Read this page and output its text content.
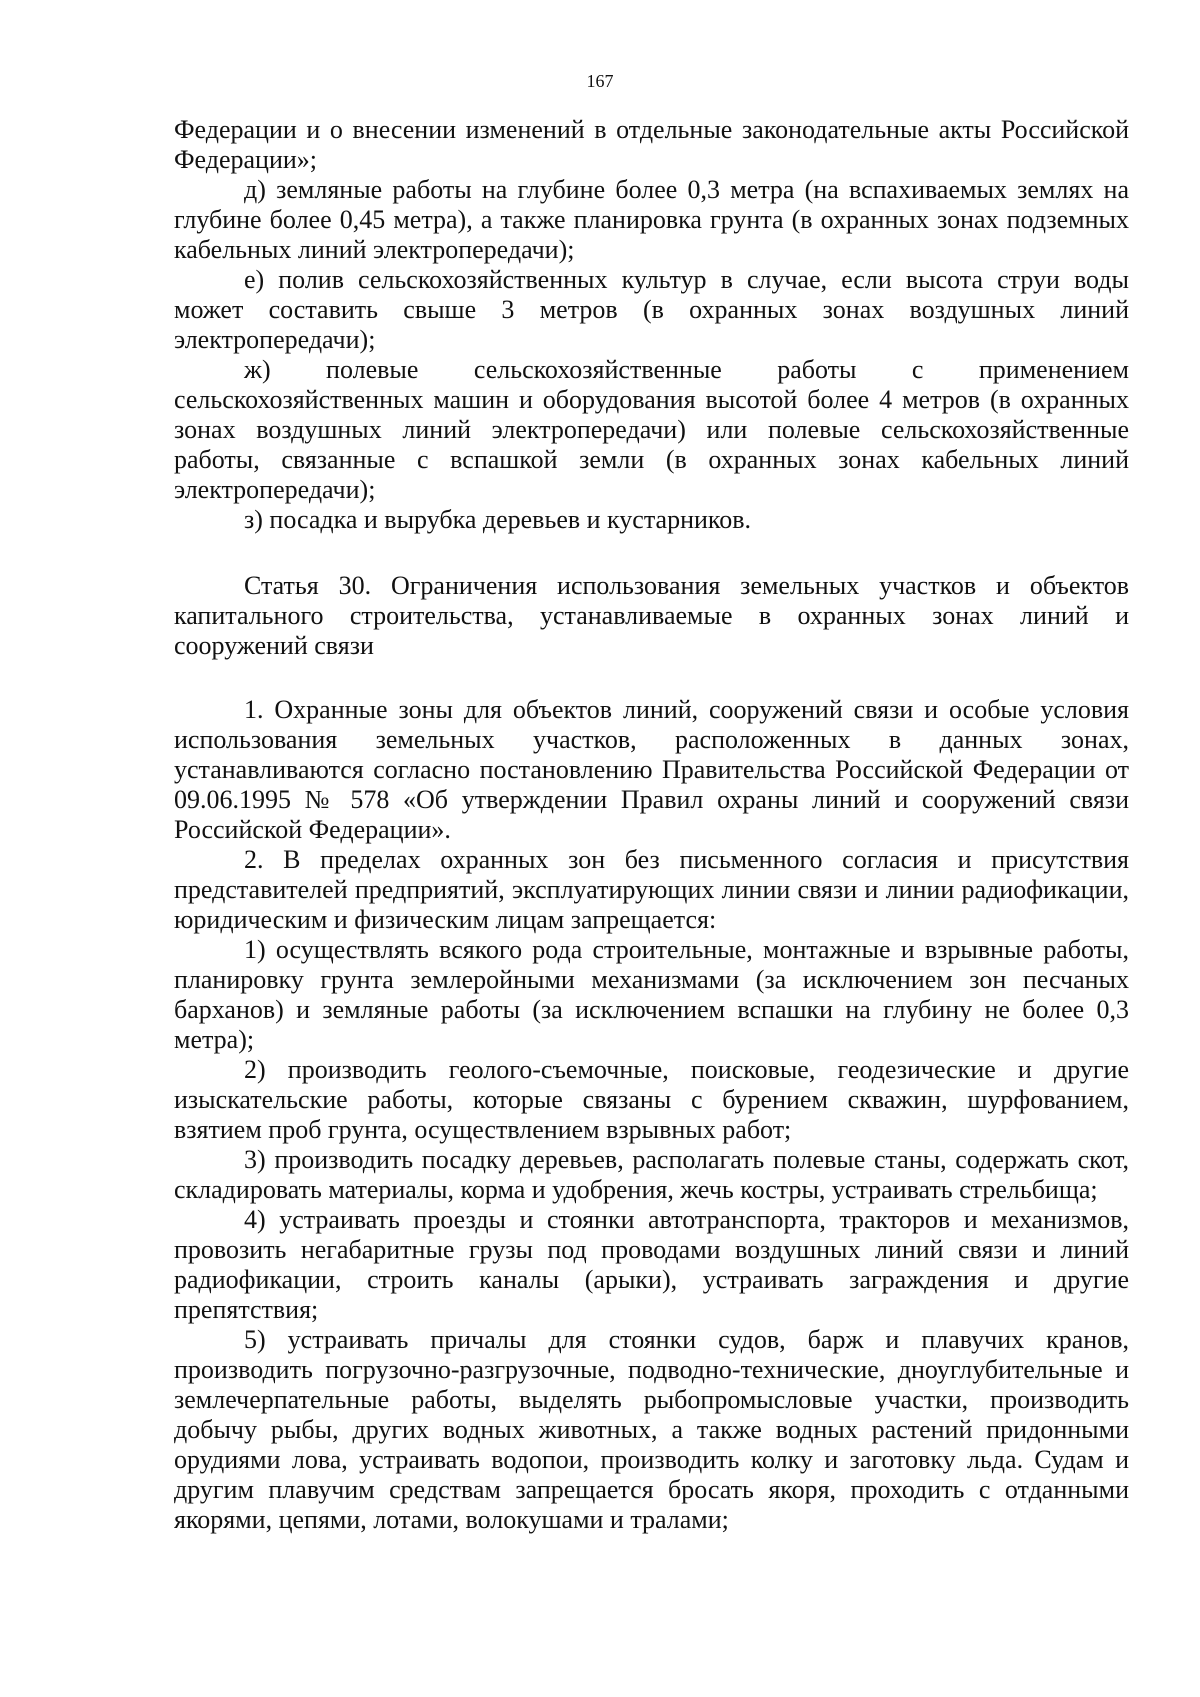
167

Федерации и о внесении изменений в отдельные законодательные акты Российской Федерации»;

д) земляные работы на глубине более 0,3 метра (на вспахиваемых землях на глубине более 0,45 метра), а также планировка грунта (в охранных зонах подземных кабельных линий электропередачи);

е) полив сельскохозяйственных культур в случае, если высота струи воды может составить свыше 3 метров (в охранных зонах воздушных линий электропередачи);

ж) полевые сельскохозяйственные работы с применением сельскохозяйственных машин и оборудования высотой более 4 метров (в охранных зонах воздушных линий электропередачи) или полевые сельскохозяйственные работы, связанные с вспашкой земли (в охранных зонах кабельных линий электропередачи);

з) посадка и вырубка деревьев и кустарников.

Статья 30. Ограничения использования земельных участков и объектов капитального строительства, устанавливаемые в охранных зонах линий и сооружений связи

1. Охранные зоны для объектов линий, сооружений связи и особые условия использования земельных участков, расположенных в данных зонах, устанавливаются согласно постановлению Правительства Российской Федерации от 09.06.1995 № 578 «Об утверждении Правил охраны линий и сооружений связи Российской Федерации».

2. В пределах охранных зон без письменного согласия и присутствия представителей предприятий, эксплуатирующих линии связи и линии радиофикации, юридическим и физическим лицам запрещается:

1) осуществлять всякого рода строительные, монтажные и взрывные работы, планировку грунта землеройными механизмами (за исключением зон песчаных барханов) и земляные работы (за исключением вспашки на глубину не более 0,3 метра);

2) производить геолого-съемочные, поисковые, геодезические и другие изыскательские работы, которые связаны с бурением скважин, шурфованием, взятием проб грунта, осуществлением взрывных работ;

3) производить посадку деревьев, располагать полевые станы, содержать скот, складировать материалы, корма и удобрения, жечь костры, устраивать стрельбища;

4) устраивать проезды и стоянки автотранспорта, тракторов и механизмов, провозить негабаритные грузы под проводами воздушных линий связи и линий радиофикации, строить каналы (арыки), устраивать заграждения и другие препятствия;

5) устраивать причалы для стоянки судов, барж и плавучих кранов, производить погрузочно-разгрузочные, подводно-технические, дноуглубительные и землечерпательные работы, выделять рыбопромысловые участки, производить добычу рыбы, других водных животных, а также водных растений придонными орудиями лова, устраивать водопои, производить колку и заготовку льда. Судам и другим плавучим средствам запрещается бросать якоря, проходить с отданными якорями, цепями, лотами, волокушами и тралами;
